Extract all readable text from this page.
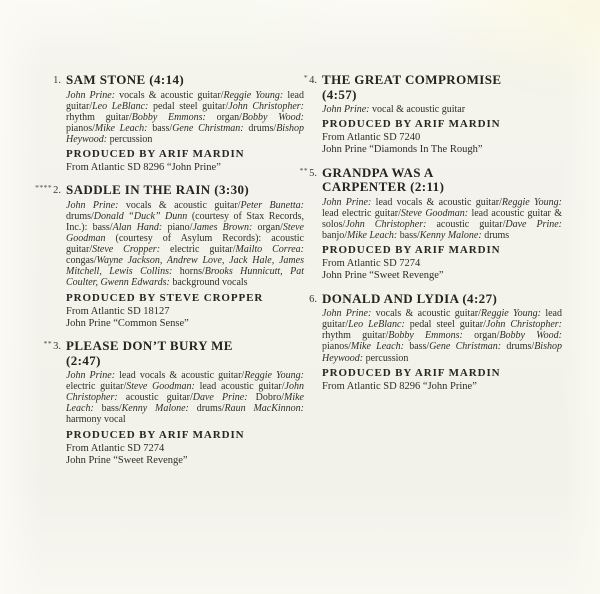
1. SAM STONE (4:14)
John Prine: vocals & acoustic guitar/Reggie Young: lead guitar/Leo LeBlanc: pedal steel guitar/John Christopher: rhythm guitar/Bobby Emmons: organ/Bobby Wood: pianos/Mike Leach: bass/Gene Christman: drums/Bishop Heywood: percussion
PRODUCED BY ARIF MARDIN
From Atlantic SD 8296 “John Prine”
****2. SADDLE IN THE RAIN (3:30)
John Prine: vocals & acoustic guitar/Peter Bunetta: drums/Donald “Duck” Dunn (courtesy of Stax Records, Inc.): bass/Alan Hand: piano/James Brown: organ/Steve Goodman (courtesy of Asylum Records): acoustic guitar/Steve Cropper: electric guitar/Mailto Correa: congas/Wayne Jackson, Andrew Love, Jack Hale, James Mitchell, Lewis Collins: horns/Brooks Hunnicutt, Pat Coulter, Gwenn Edwards: background vocals
PRODUCED BY STEVE CROPPER
From Atlantic SD 18127
John Prine “Common Sense”
**3. PLEASE DON’T BURY ME
(2:47)
John Prine: lead vocals & acoustic guitar/Reggie Young: electric guitar/Steve Goodman: lead acoustic guitar/John Christopher: acoustic guitar/Dave Prine: Dobro/Mike Leach: bass/Kenny Malone: drums/Raun MacKinnon: harmony vocal
PRODUCED BY ARIF MARDIN
From Atlantic SD 7274
John Prine “Sweet Revenge”
*4. THE GREAT COMPROMISE
(4:57)
John Prine: vocal & acoustic guitar
PRODUCED BY ARIF MARDIN
From Atlantic SD 7240
John Prine “Diamonds In The Rough”
**5. GRANDPA WAS A
CARPENTER (2:11)
John Prine: lead vocals & acoustic guitar/Reggie Young: lead electric guitar/Steve Goodman: lead acoustic guitar & solos/John Christopher: acoustic guitar/Dave Prine: banjo/Mike Leach: bass/Kenny Malone: drums
PRODUCED BY ARIF MARDIN
From Atlantic SD 7274
John Prine “Sweet Revenge”
6. DONALD AND LYDIA (4:27)
John Prine: vocals & acoustic guitar/Reggie Young: lead guitar/Leo LeBlanc: pedal steel guitar/John Christopher: rhythm guitar/Bobby Emmons: organ/Bobby Wood: pianos/Mike Leach: bass/Gene Christman: drums/Bishop Heywood: percussion
PRODUCED BY ARIF MARDIN
From Atlantic SD 8296 “John Prine”
